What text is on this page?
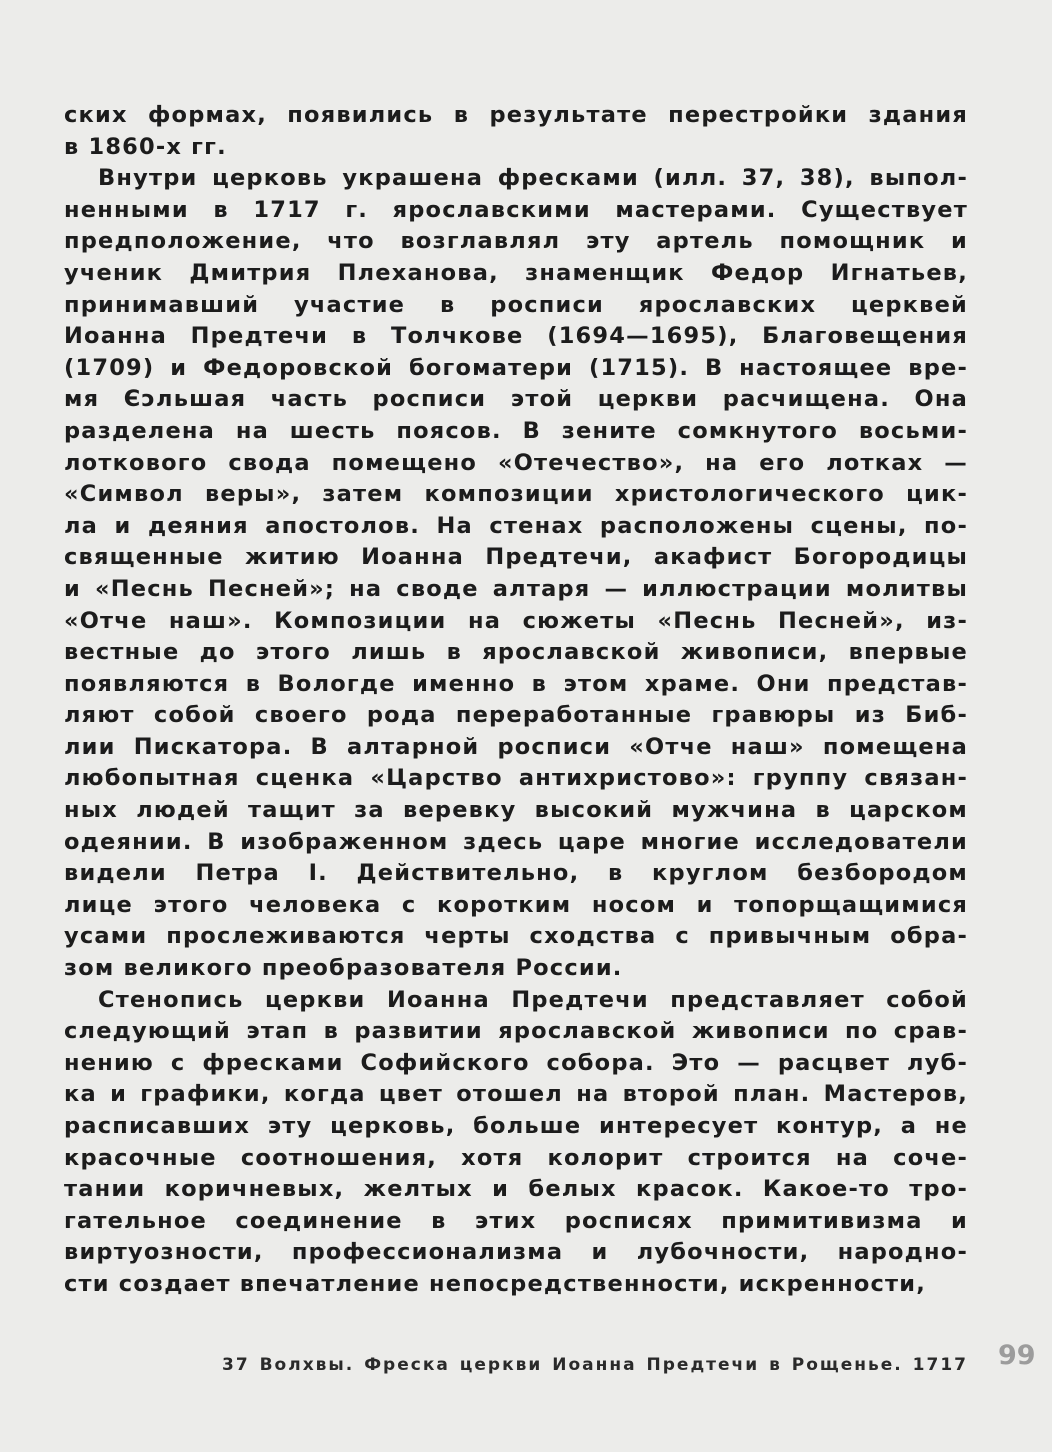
ских формах, появились в результате перестройки здания
в 1860-х гг.
Внутри церковь украшена фресками (илл. 37, 38), выпол-
ненными в 1717 г. ярославскими мастерами. Существует
предположение, что возглавлял эту артель помощник и
ученик Дмитрия Плеханова, знаменщик Федор Игнатьев,
принимавший участие в росписи ярославских церквей
Иоанна Предтечи в Толчкове (1694—1695), Благовещения
(1709) и Федоровской богоматери (1715). В настоящее вре-
мя Єɔльшая часть росписи этой церкви расчищена. Она
разделена на шесть поясов. В зените сомкнутого восьми-
лоткового свода помещено «Отечество», на его лотках —
«Символ веры», затем композиции христологического цик-
ла и деяния апостолов. На стенах расположены сцены, по-
священные житию Иоанна Предтечи, акафист Богородицы
и «Песнь Песней»; на своде алтаря — иллюстрации молитвы
«Отче наш». Композиции на сюжеты «Песнь Песней», из-
вестные до этого лишь в ярославской живописи, впервые
появляются в Вологде именно в этом храме. Они представ-
ляют собой своего рода переработанные гравюры из Биб-
лии Пискатора. В алтарной росписи «Отче наш» помещена
любопытная сценка «Царство антихристово»: группу связан-
ных людей тащит за веревку высокий мужчина в царском
одеянии. В изображенном здесь царе многие исследователи
видели Петра I. Действительно, в круглом безбородом
лице этого человека с коротким носом и топорщащимися
усами прослеживаются черты сходства с привычным обра-
зом великого преобразователя России.
Стенопись церкви Иоанна Предтечи представляет собой
следующий этап в развитии ярославской живописи по срав-
нению с фресками Софийского собора. Это — расцвет луб-
ка и графики, когда цвет отошел на второй план. Мастеров,
расписавших эту церковь, больше интересует контур, а не
красочные соотношения, хотя колорит строится на соче-
тании коричневых, желтых и белых красок. Какое-то тро-
гательное соединение в этих росписях примитивизма и
виртуозности, профессионализма и лубочности, народно-
сти создает впечатление непосредственности, искренности,
37 Волхвы. Фреска церкви Иоанна Предтечи в Рощенье. 1717 99
